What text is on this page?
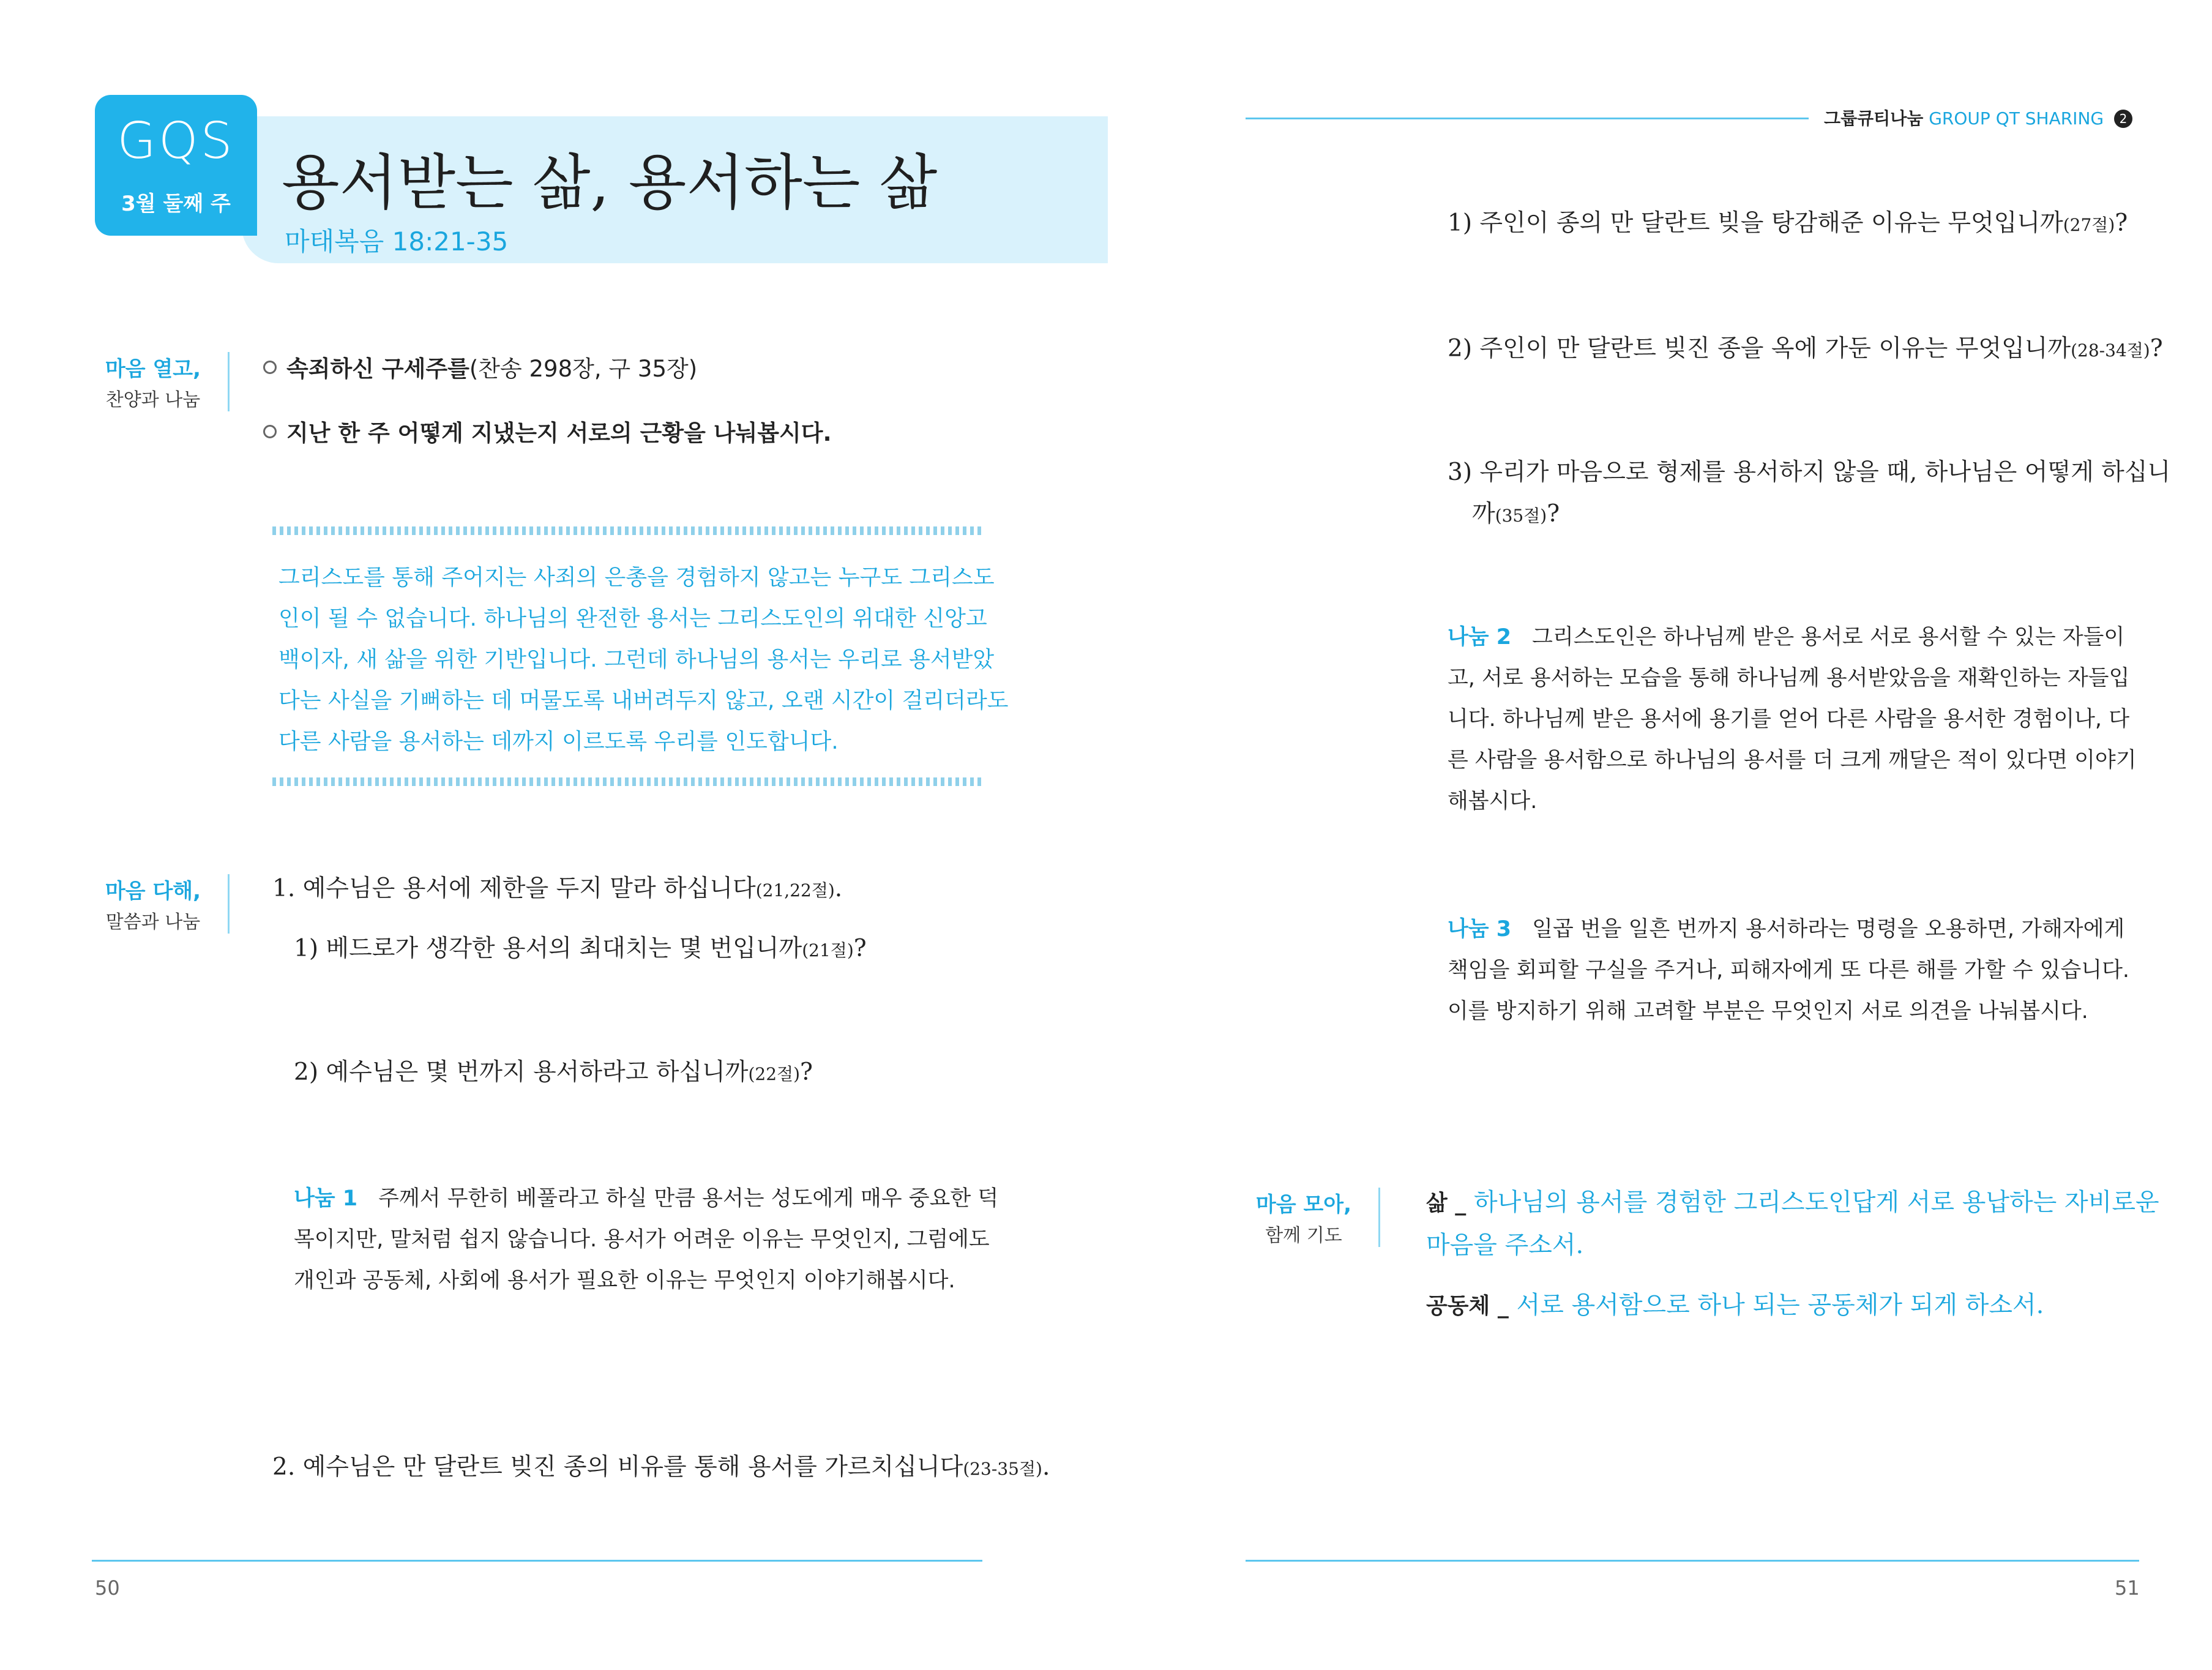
GQS
3월 둘째 주 용서받는 삶, 용서하는 삶
마태복음 18:21-35
마음 열고,
찬양과 나눔
속죄하신 구세주를(찬송 298장, 구 35장)
지난 한 주 어떻게 지냈는지 서로의 근황을 나눠봅시다.
그리스도를 통해 주어지는 사죄의 은총을 경험하지 않고는 누구도 그리스도
인이 될 수 없습니다. 하나님의 완전한 용서는 그리스도인의 위대한 신앙고
백이자, 새 삶을 위한 기반입니다. 그런데 하나님의 용서는 우리로 용서받았
다는 사실을 기뻐하는 데 머물도록 내버려두지 않고, 오랜 시간이 걸리더라도
다른 사람을 용서하는 데까지 이르도록 우리를 인도합니다.
마음 다해,
말씀과 나눔
1. 예수님은 용서에 제한을 두지 말라 하십니다(21,22절).
1) 베드로가 생각한 용서의 최대치는 몇 번입니까(21절)?
2) 예수님은 몇 번까지 용서하라고 하십니까(22절)?
나눔 1 주께서 무한히 베풀라고 하실 만큼 용서는 성도에게 매우 중요한 덕
목이지만, 말처럼 쉽지 않습니다. 용서가 어려운 이유는 무엇인지, 그럼에도
개인과 공동체, 사회에 용서가 필요한 이유는 무엇인지 이야기해봅시다.
2. 예수님은 만 달란트 빚진 종의 비유를 통해 용서를 가르치십니다(23-35절).
50
그룹큐티나눔 GROUP QT SHARING 2
1) 주인이 종의 만 달란트 빚을 탕감해준 이유는 무엇입니까(27절)?
2) 주인이 만 달란트 빚진 종을 옥에 가둔 이유는 무엇입니까(28-34절)?
3) 우리가 마음으로 형제를 용서하지 않을 때, 하나님은 어떻게 하십니
까(35절)?
나눔 2 그리스도인은 하나님께 받은 용서로 서로 용서할 수 있는 자들이
고, 서로 용서하는 모습을 통해 하나님께 용서받았음을 재확인하는 자들입
니다. 하나님께 받은 용서에 용기를 얻어 다른 사람을 용서한 경험이나, 다
른 사람을 용서함으로 하나님의 용서를 더 크게 깨달은 적이 있다면 이야기
해봅시다.
나눔 3 일곱 번을 일흔 번까지 용서하라는 명령을 오용하면, 가해자에게
책임을 회피할 구실을 주거나, 피해자에게 또 다른 해를 가할 수 있습니다.
이를 방지하기 위해 고려할 부분은 무엇인지 서로 의견을 나눠봅시다.
마음 모아,
함께 기도
삶 _ 하나님의 용서를 경험한 그리스도인답게 서로 용납하는 자비로운
마음을 주소서.
공동체 _ 서로 용서함으로 하나 되는 공동체가 되게 하소서.
51
